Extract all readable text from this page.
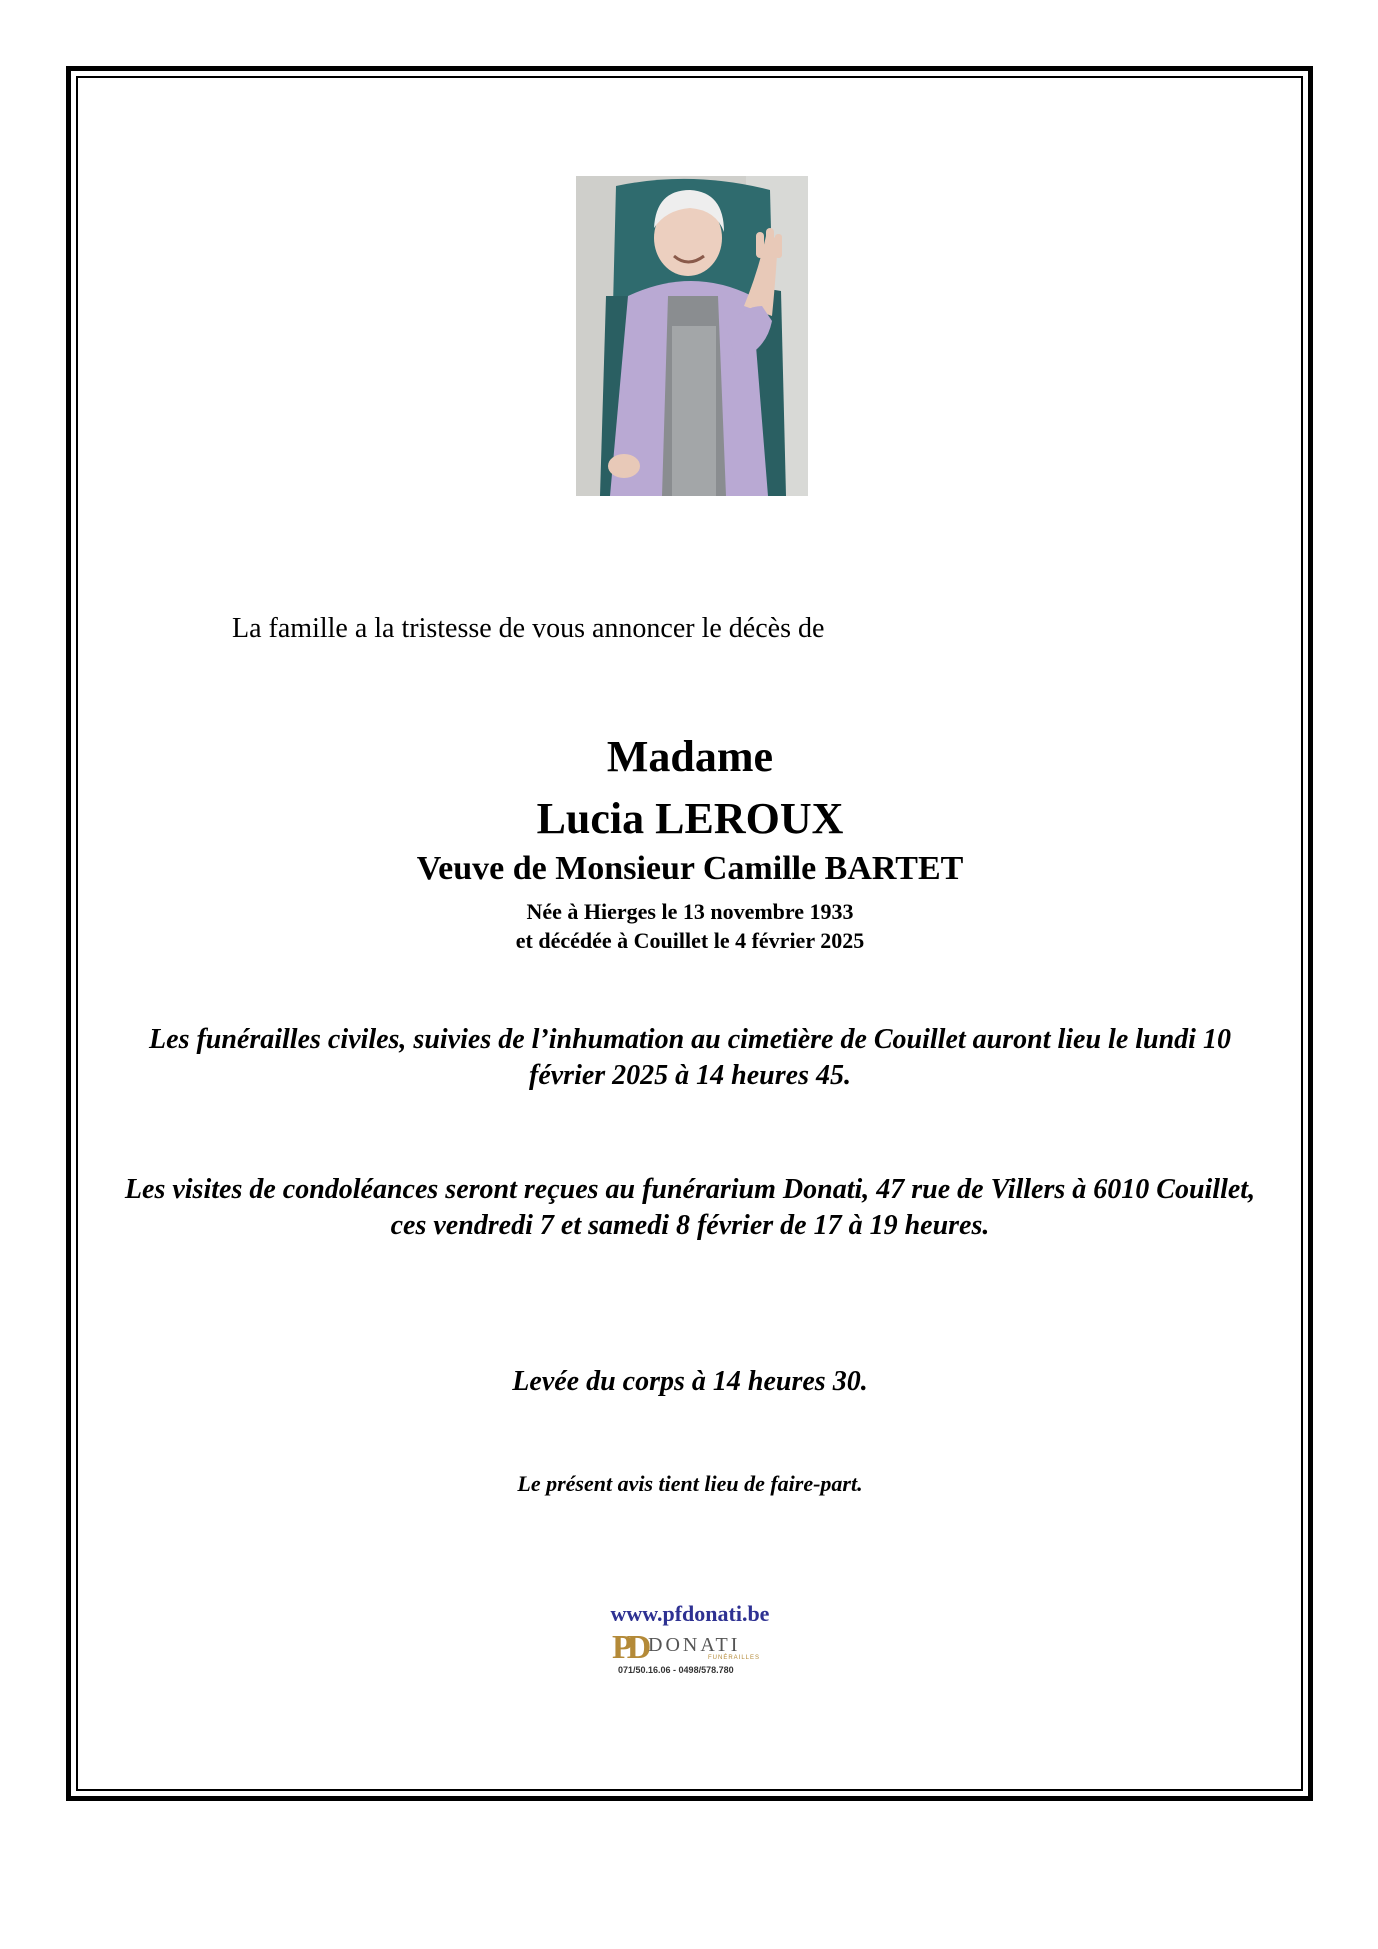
La famille a la tristesse de vous annoncer le décès de
Madame
Lucia LEROUX
Veuve de Monsieur Camille BARTET
Née à Hierges le 13 novembre 1933
et décédée à Couillet le 4 février 2025
Les funérailles civiles, suivies de l’inhumation au cimetière de Couillet auront lieu le lundi 10 février 2025 à 14 heures 45.
Les visites de condoléances seront reçues au funérarium Donati, 47 rue de Villers à 6010 Couillet, ces vendredi 7 et samedi 8 février de 17 à 19 heures.
Levée du corps à 14 heures 30.
Le présent avis tient lieu de faire-part.
www.pfdonati.be
PD DONATI
FUNÉRAILLES
071/50.16.06 - 0498/578.780
